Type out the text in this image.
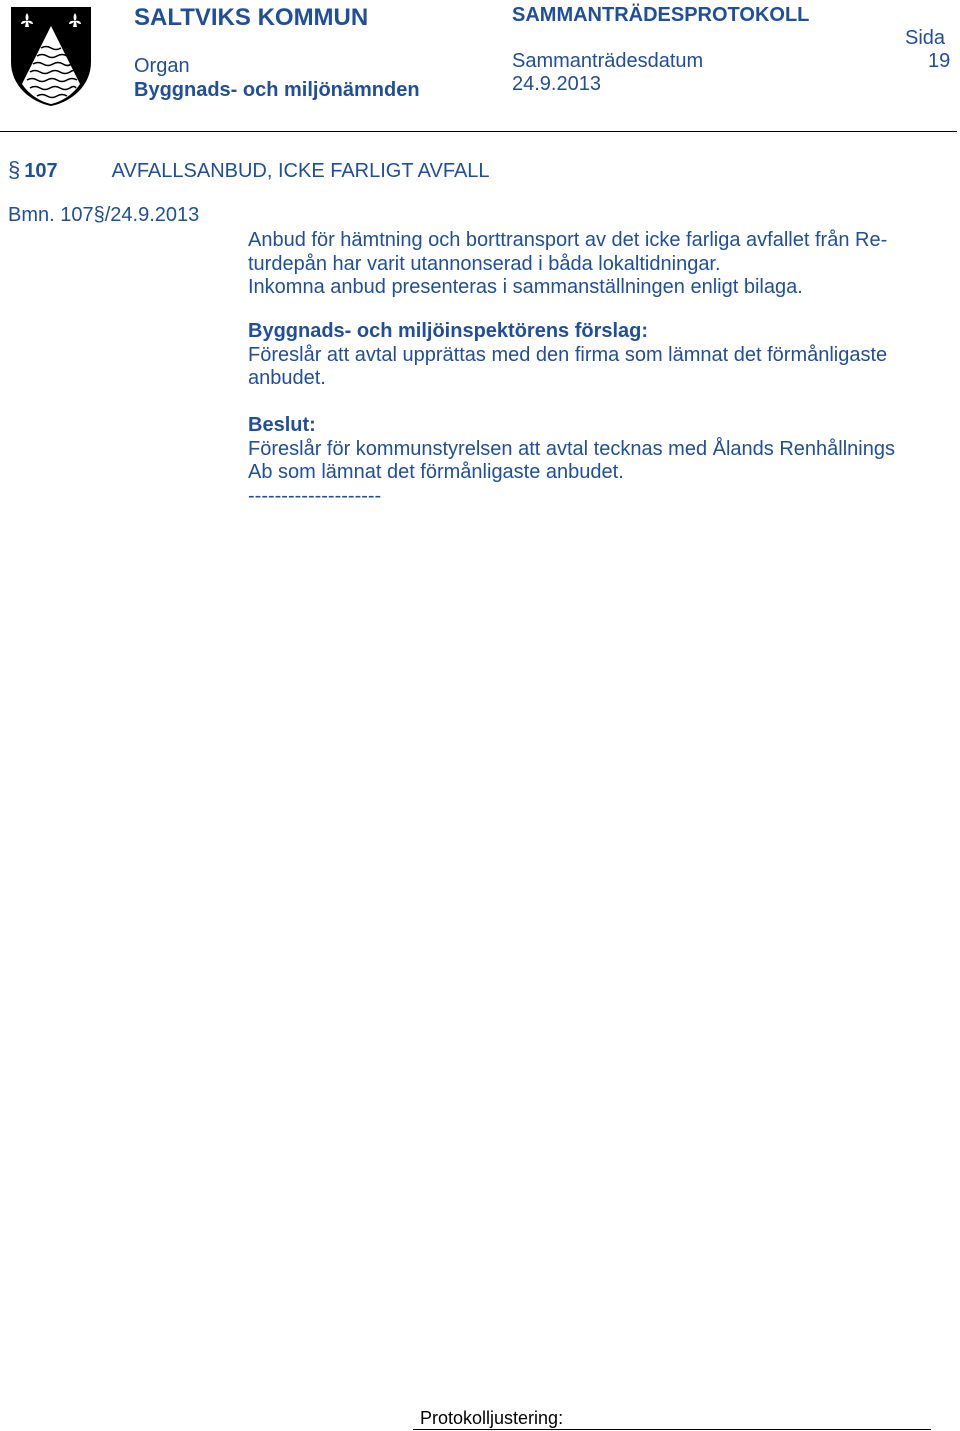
SALTVIKS KOMMUN
Organ
Byggnads- och miljönämnden
SAMMANTRÄDESPROTOKOLL
Sammanträdesdatum
24.9.2013
Sida
19
§ 107	AVFALLSANBUD, ICKE FARLIGT AVFALL
Bmn. 107§/24.9.2013
Anbud för hämtning och borttransport av det icke farliga avfallet från Re-
turdepån har varit utannonserad i båda lokaltidningar.
Inkomna anbud presenteras i sammanställningen enligt bilaga.
Byggnads- och miljöinspektörens förslag:
Föreslår att avtal upprättas med den firma som lämnat det förmånligaste
anbudet.
Beslut:
Föreslår för kommunstyrelsen att avtal tecknas med Ålands Renhållnings
Ab som lämnat det förmånligaste anbudet.
--------------------
Protokolljustering:
